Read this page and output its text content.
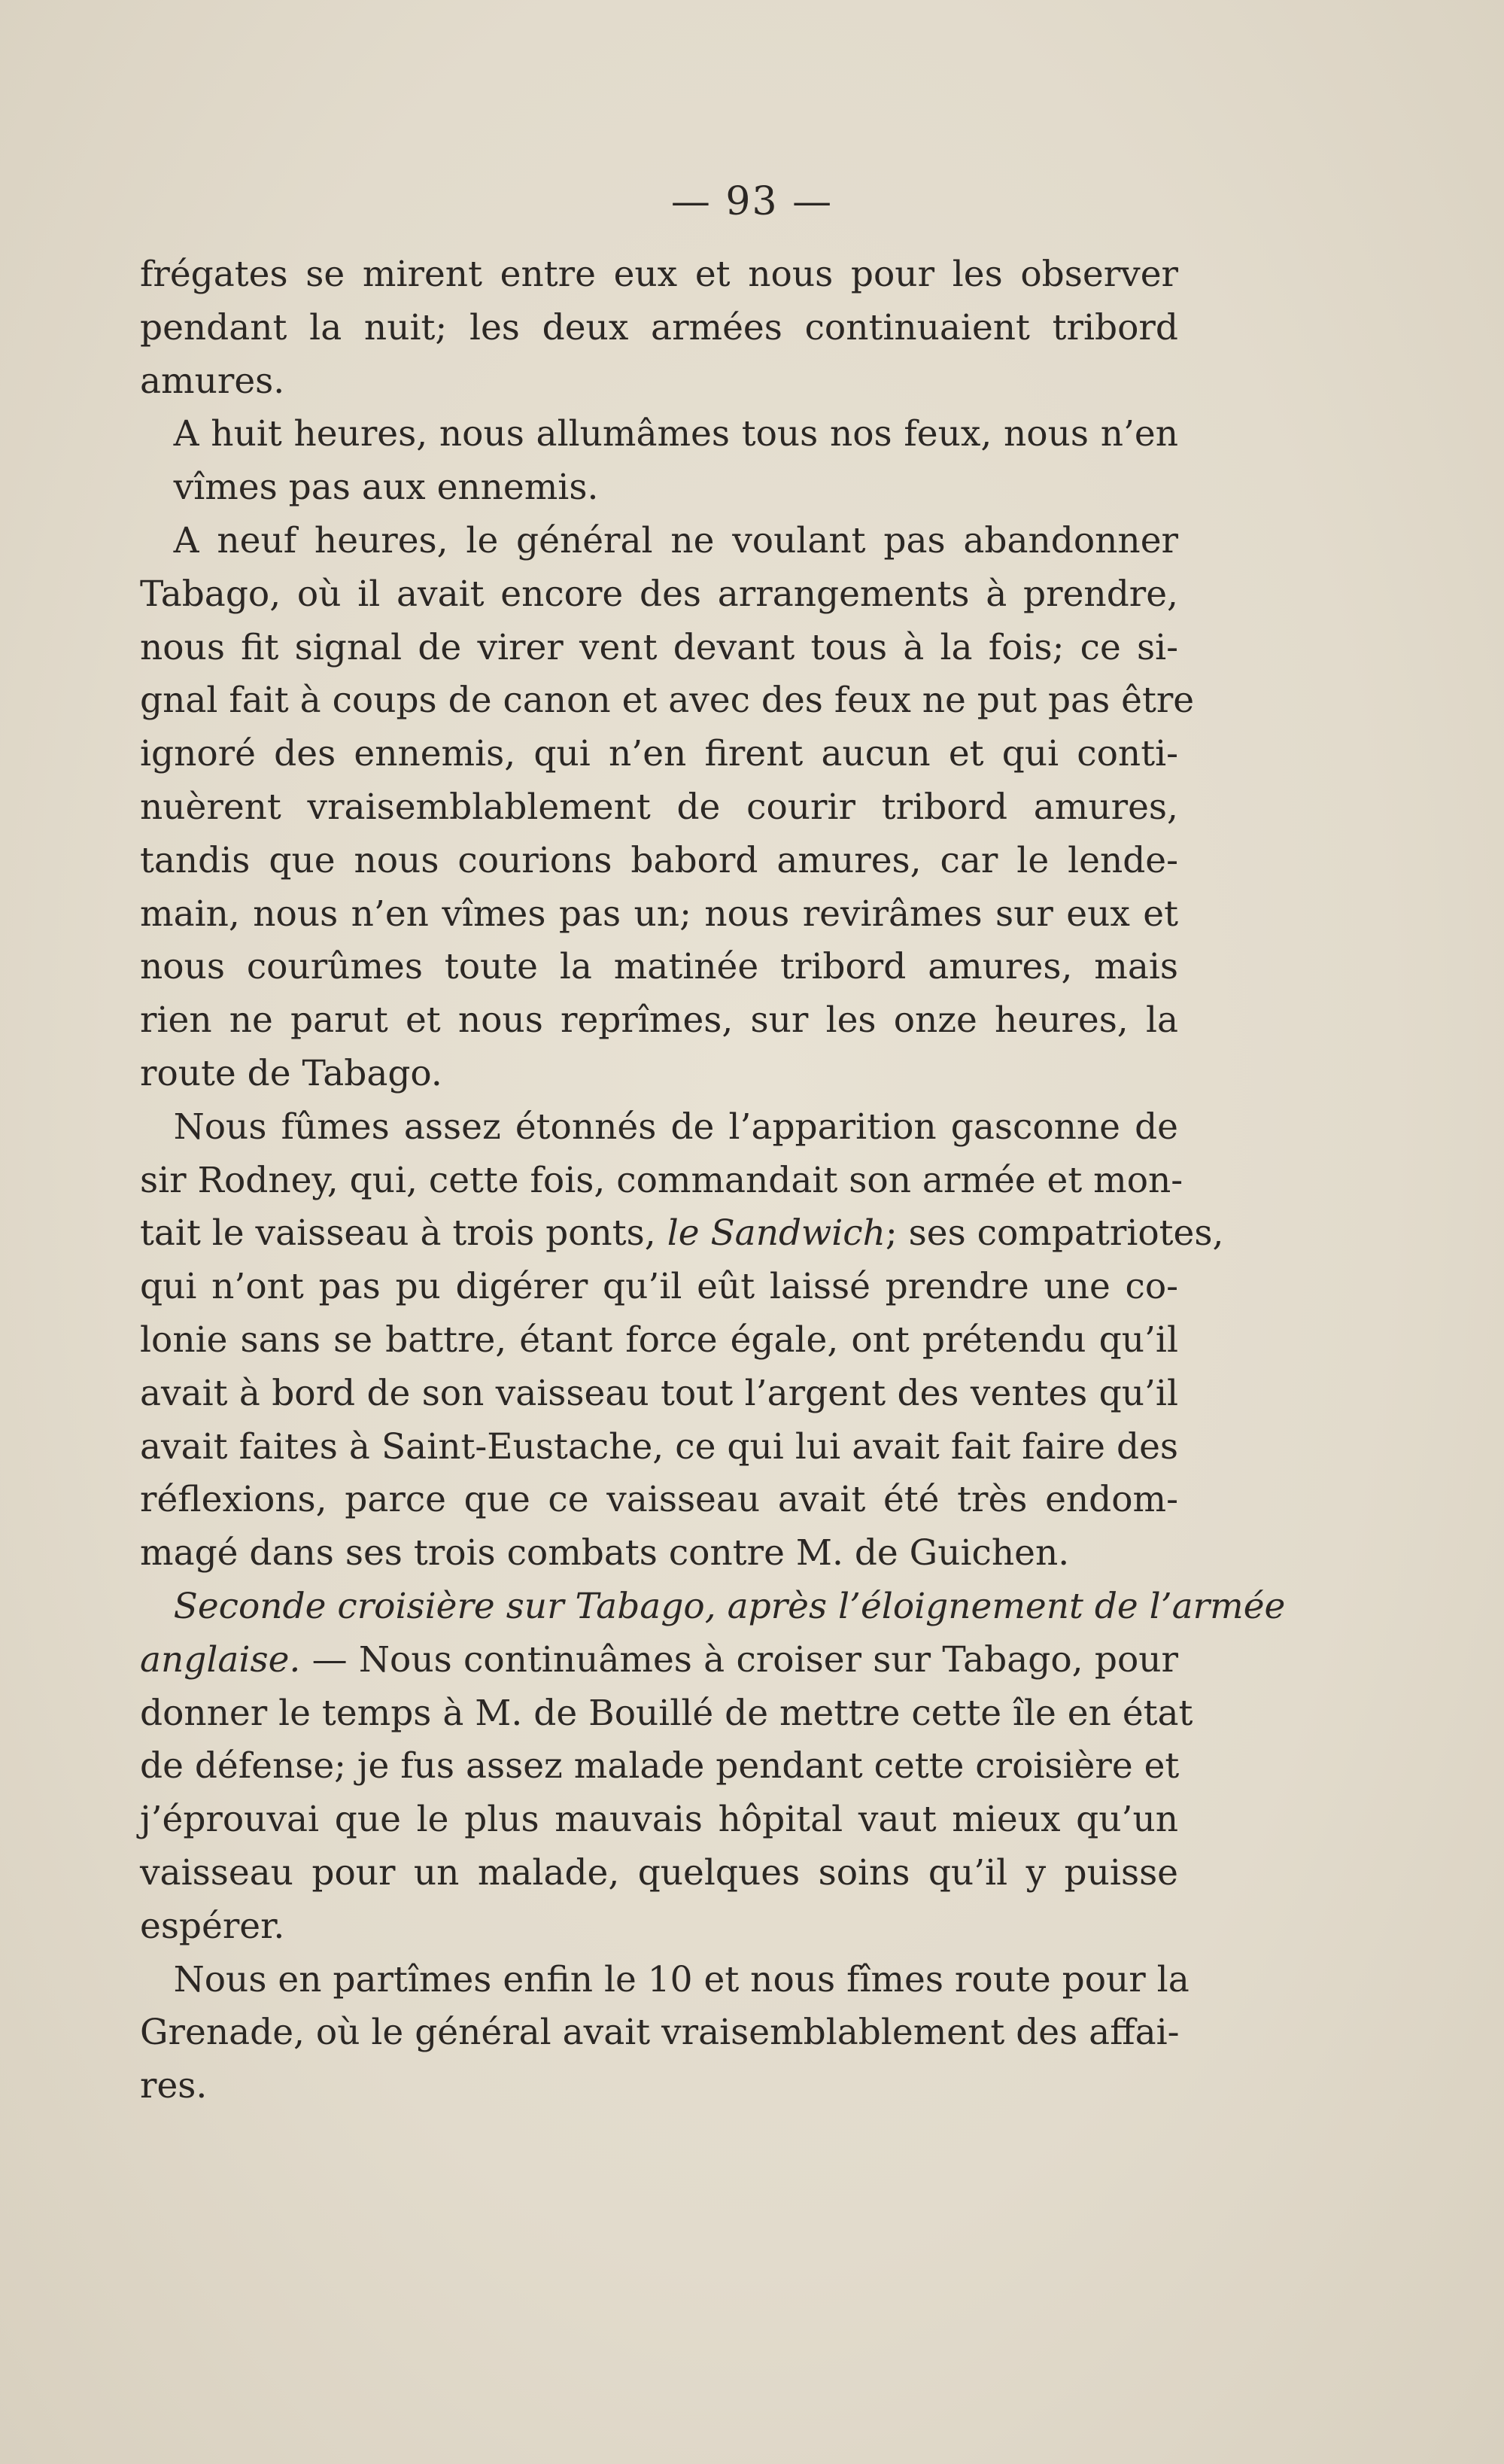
— 93 —

frégates se mirent entre eux et nous pour les observer
pendant la nuit; les deux armées continuaient tribord
amures.

A huit heures, nous allumâmes tous nos feux, nous n’en
vîmes pas aux ennemis.

A neuf heures, le général ne voulant pas abandonner
Tabago, où il avait encore des arrangements à prendre,
nous fit signal de virer vent devant tous à la fois; ce si-
gnal fait à coups de canon et avec des feux ne put pas être
ignoré des ennemis, qui n’en firent aucun et qui conti-
nuèrent vraisemblablement de courir tribord amures,
tandis que nous courions babord amures, car le lende-
main, nous n’en vîmes pas un; nous revirâmes sur eux et
nous courûmes toute la matinée tribord amures, mais
rien ne parut et nous reprîmes, sur les onze heures, la
route de Tabago.

Nous fûmes assez étonnés de l’apparition gasconne de
sir Rodney, qui, cette fois, commandait son armée et mon-
tait le vaisseau à trois ponts, le Sandwich; ses compatriotes,
qui n’ont pas pu digérer qu’il eût laissé prendre une co-
lonie sans se battre, étant force égale, ont prétendu qu’il
avait à bord de son vaisseau tout l’argent des ventes qu’il
avait faites à Saint-Eustache, ce qui lui avait fait faire des
réflexions, parce que ce vaisseau avait été très endom-
magé dans ses trois combats contre M. de Guichen.

Seconde croisière sur Tabago, après l’éloignement de l’armée
anglaise. — Nous continuâmes à croiser sur Tabago, pour
donner le temps à M. de Bouillé de mettre cette île en état
de défense; je fus assez malade pendant cette croisière et
j’éprouvai que le plus mauvais hôpital vaut mieux qu’un
vaisseau pour un malade, quelques soins qu’il y puisse
espérer.

Nous en partîmes enfin le 10 et nous fîmes route pour la
Grenade, où le général avait vraisemblablement des affai-
res.
